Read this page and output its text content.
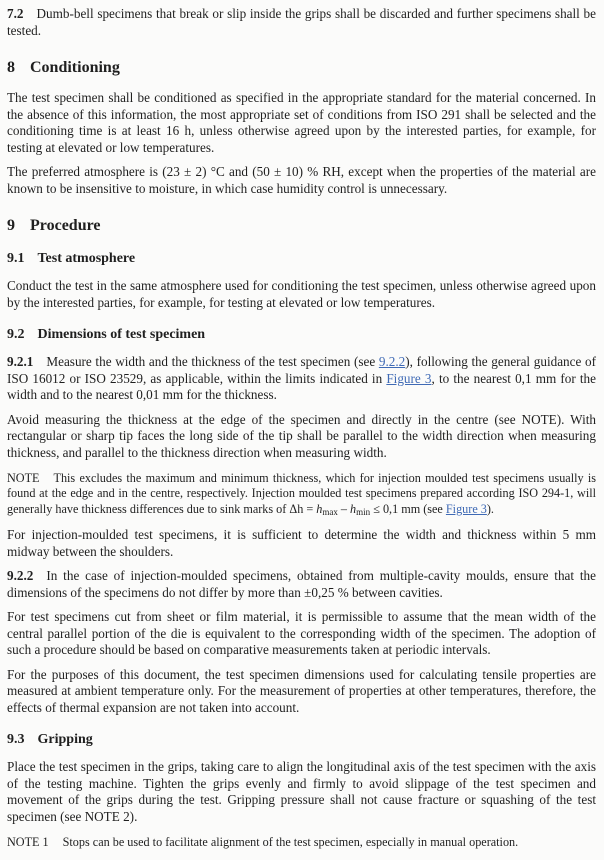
7.2 Dumb-bell specimens that break or slip inside the grips shall be discarded and further specimens shall be tested.

8 Conditioning

The test specimen shall be conditioned as specified in the appropriate standard for the material concerned. In the absence of this information, the most appropriate set of conditions from ISO 291 shall be selected and the conditioning time is at least 16 h, unless otherwise agreed upon by the interested parties, for example, for testing at elevated or low temperatures.

The preferred atmosphere is (23 ± 2) °C and (50 ± 10) % RH, except when the properties of the material are known to be insensitive to moisture, in which case humidity control is unnecessary.

9 Procedure
9.1 Test atmosphere

Conduct the test in the same atmosphere used for conditioning the test specimen, unless otherwise agreed upon by the interested parties, for example, for testing at elevated or low temperatures.

9.2 Dimensions of test specimen

9.2.1 Measure the width and the thickness of the test specimen (see 9.2.2), following the general guidance of ISO 16012 or ISO 23529, as applicable, within the limits indicated in Figure 3, to the nearest 0,1 mm for the width and to the nearest 0,01 mm for the thickness.

Avoid measuring the thickness at the edge of the specimen and directly in the centre (see NOTE). With rectangular or sharp tip faces the long side of the tip shall be parallel to the width direction when measuring thickness, and parallel to the thickness direction when measuring width.

NOTE This excludes the maximum and minimum thickness, which for injection moulded test specimens usually is found at the edge and in the centre, respectively. Injection moulded test specimens prepared according ISO 294-1, will generally have thickness differences due to sink marks of $\Delta h = h_{max} - h_{min} \le 0,1$ mm (see Figure 3).

For injection-moulded test specimens, it is sufficient to determine the width and thickness within 5 mm midway between the shoulders.

9.2.2 In the case of injection-moulded specimens, obtained from multiple-cavity moulds, ensure that the dimensions of the specimens do not differ by more than ±0,25 % between cavities.

For test specimens cut from sheet or film material, it is permissible to assume that the mean width of the central parallel portion of the die is equivalent to the corresponding width of the specimen. The adoption of such a procedure should be based on comparative measurements taken at periodic intervals.

For the purposes of this document, the test specimen dimensions used for calculating tensile properties are measured at ambient temperature only. For the measurement of properties at other temperatures, therefore, the effects of thermal expansion are not taken into account.

9.3 Gripping

Place the test specimen in the grips, taking care to align the longitudinal axis of the test specimen with the axis of the testing machine. Tighten the grips evenly and firmly to avoid slippage of the test specimen and movement of the grips during the test. Gripping pressure shall not cause fracture or squashing of the test specimen (see NOTE 2).

NOTE 1 Stops can be used to facilitate alignment of the test specimen, especially in manual operation.
